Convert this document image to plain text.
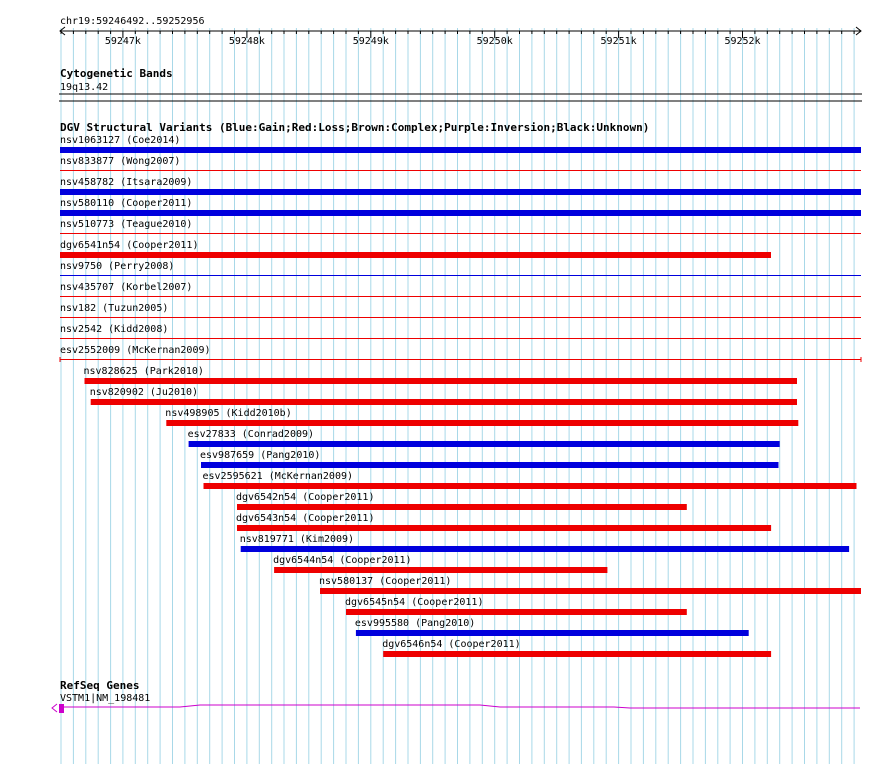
chr19:59246492..59252956
59247k	59248k	59249k	59250k	59251k	59252k
Cytogenetic Bands
19q13.42
DGV Structural Variants (Blue:Gain;Red:Loss;Brown:Complex;Purple:Inversion;Black:Unknown)
nsv1063127 (Coe2014)
nsv833877 (Wong2007)
nsv458782 (Itsara2009)
nsv580110 (Cooper2011)
nsv510773 (Teague2010)
dgv6541n54 (Cooper2011)
nsv9750 (Perry2008)
nsv435707 (Korbel2007)
nsv182 (Tuzun2005)
nsv2542 (Kidd2008)
esv2552009 (McKernan2009)
nsv828625 (Park2010)
nsv820902 (Ju2010)
nsv498905 (Kidd2010b)
esv27833 (Conrad2009)
esv987659 (Pang2010)
esv2595621 (McKernan2009)
dgv6542n54 (Cooper2011)
dgv6543n54 (Cooper2011)
nsv819771 (Kim2009)
dgv6544n54 (Cooper2011)
nsv580137 (Cooper2011)
dgv6545n54 (Cooper2011)
esv995580 (Pang2010)
dgv6546n54 (Cooper2011)
RefSeq Genes
VSTM1|NM_198481
